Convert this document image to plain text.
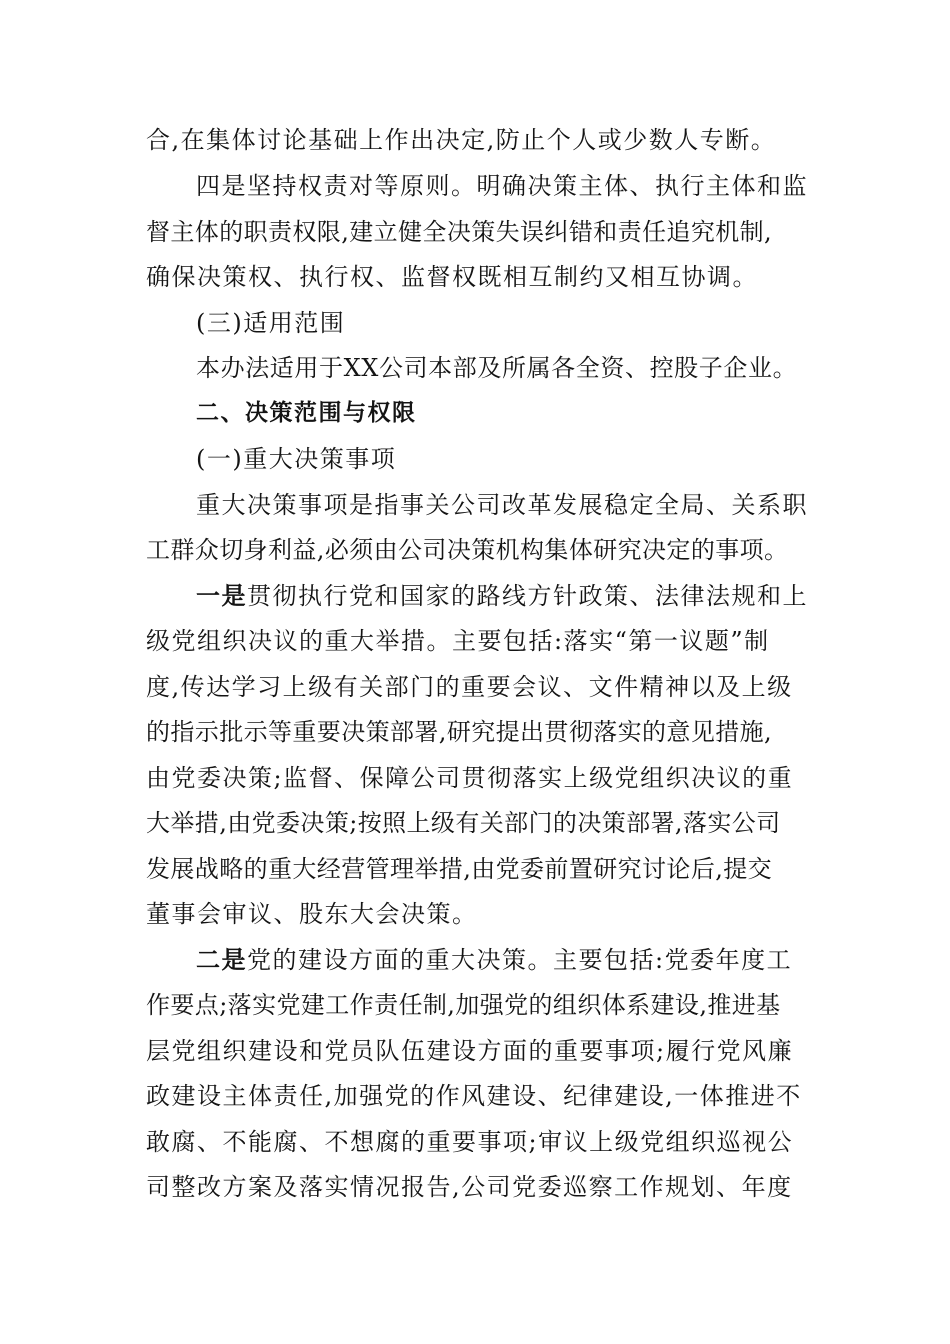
合,在集体讨论基础上作出决定,防止个人或少数人专断。
四是坚持权责对等原则。明确决策主体、执行主体和监
督主体的职责权限,建立健全决策失误纠错和责任追究机制,
确保决策权、执行权、监督权既相互制约又相互协调。
(三)适用范围
本办法适用于XX公司本部及所属各全资、控股子企业。
二、决策范围与权限
(一)重大决策事项
重大决策事项是指事关公司改革发展稳定全局、关系职
工群众切身利益,必须由公司决策机构集体研究决定的事项。
一是贯彻执行党和国家的路线方针政策、法律法规和上
级党组织决议的重大举措。主要包括:落实“第一议题”制
度,传达学习上级有关部门的重要会议、文件精神以及上级
的指示批示等重要决策部署,研究提出贯彻落实的意见措施,
由党委决策;监督、保障公司贯彻落实上级党组织决议的重
大举措,由党委决策;按照上级有关部门的决策部署,落实公司
发展战略的重大经营管理举措,由党委前置研究讨论后,提交
董事会审议、股东大会决策。
二是党的建设方面的重大决策。主要包括:党委年度工
作要点;落实党建工作责任制,加强党的组织体系建设,推进基
层党组织建设和党员队伍建设方面的重要事项;履行党风廉
政建设主体责任,加强党的作风建设、纪律建设,一体推进不
敢腐、不能腐、不想腐的重要事项;审议上级党组织巡视公
司整改方案及落实情况报告,公司党委巡察工作规划、年度
